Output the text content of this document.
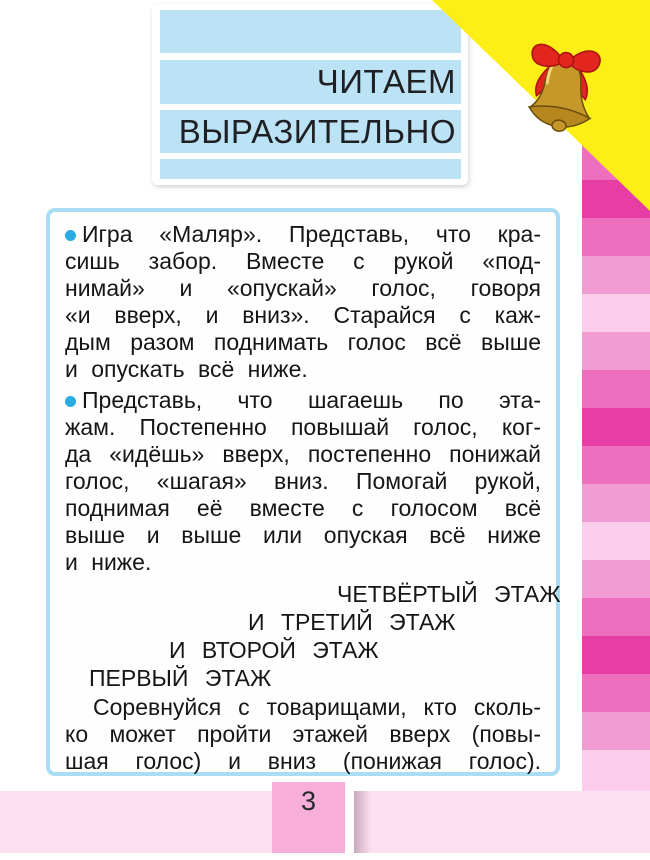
ЧИТАЕМ
ВЫРАЗИТЕЛЬНО
Игра «Маляр». Представь, что кра-
сишь забор. Вместе с рукой «под-
нимай» и «опускай» голос, говоря
«и вверх, и вниз». Старайся с каж-
дым разом поднимать голос всё выше
и опускать всё ниже.
Представь, что шагаешь по эта-
жам. Постепенно повышай голос, ког-
да «идёшь» вверх, постепенно понижай
голос, «шагая» вниз. Помогай рукой,
поднимая её вместе с голосом всё
выше и выше или опуская всё ниже
и ниже.
ЧЕТВЁРТЫЙ ЭТАЖ
И ТРЕТИЙ ЭТАЖ
И ВТОРОЙ ЭТАЖ
ПЕРВЫЙ ЭТАЖ
Соревнуйся с товарищами, кто сколь-
ко может пройти этажей вверх (повы-
шая голос) и вниз (понижая голос).
3
